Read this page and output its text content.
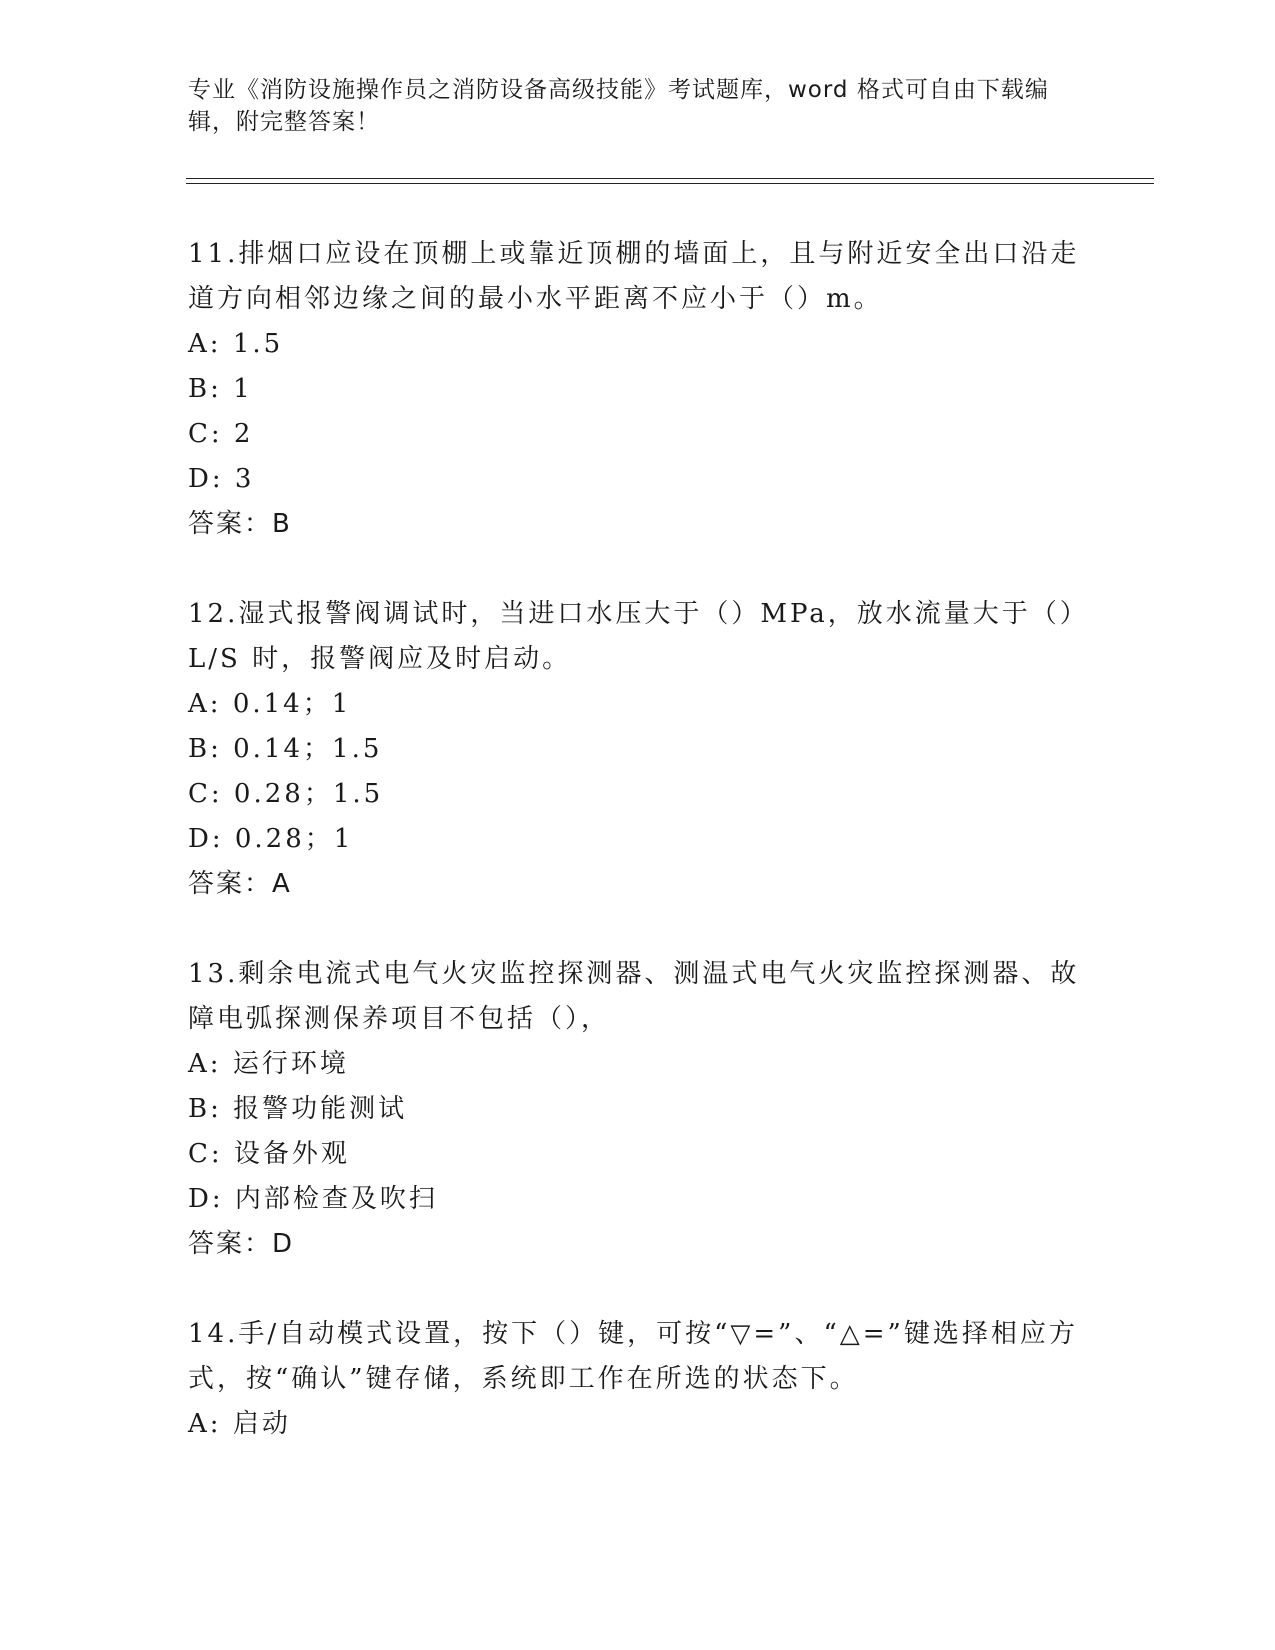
专业《消防设施操作员之消防设备高级技能》考试题库，word 格式可自由下载编辑，附完整答案！
11.排烟口应设在顶棚上或靠近顶棚的墙面上，且与附近安全出口沿走道方向相邻边缘之间的最小水平距离不应小于（）m。
A: 1.5
B: 1
C: 2
D: 3
答案：B
12.湿式报警阀调试时，当进口水压大于（）MPa，放水流量大于（）L/S 时，报警阀应及时启动。
A: 0.14；1
B: 0.14；1.5
C: 0.28；1.5
D: 0.28；1
答案：A
13.剩余电流式电气火灾监控探测器、测温式电气火灾监控探测器、故障电弧探测保养项目不包括（），
A: 运行环境
B: 报警功能测试
C: 设备外观
D: 内部检查及吹扫
答案：D
14.手/自动模式设置，按下（）键，可按“▽=”、“△=”键选择相应方式，按“确认”键存储，系统即工作在所选的状态下。
A: 启动
